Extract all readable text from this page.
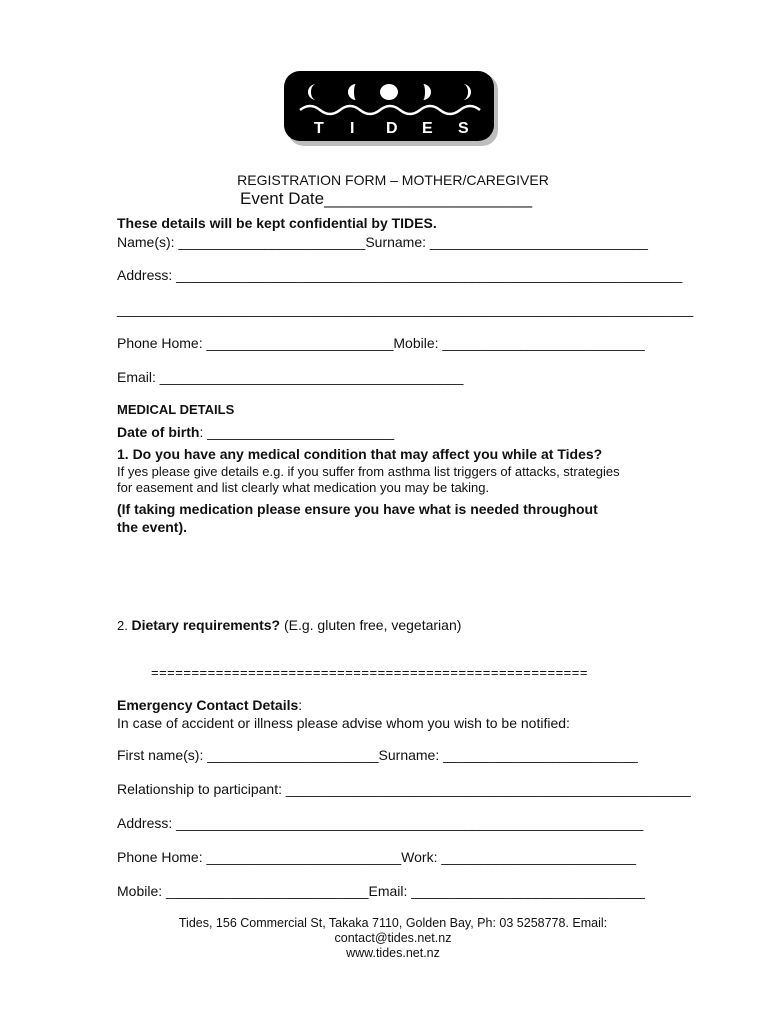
T I D E S
REGISTRATION FORM – MOTHER/CAREGIVER
Event Date______________________
These details will be kept confidential by TIDES.
Name(s): ________________________Surname: ____________________________
Address: _________________________________________________________________
__________________________________________________________________________
Phone Home: ________________________Mobile: __________________________
Email: _______________________________________
MEDICAL DETAILS
Date of birth: ________________________
1. Do you have any medical condition that may affect you while at Tides?
If yes please give details e.g. if you suffer from asthma list triggers of attacks, strategies
for easement and list clearly what medication you may be taking.
(If taking medication please ensure you have what is needed throughout
the event).
2. Dietary requirements? (E.g. gluten free, vegetarian)
======================================================
Emergency Contact Details:
In case of accident or illness please advise whom you wish to be notified:
First name(s): ______________________Surname: _________________________
Relationship to participant: ____________________________________________________
Address: ____________________________________________________________
Phone Home: _________________________Work: _________________________
Mobile: __________________________Email: ______________________________
Tides, 156 Commercial St, Takaka 7110, Golden Bay, Ph: 03 5258778. Email:
contact@tides.net.nz
www.tides.net.nz
